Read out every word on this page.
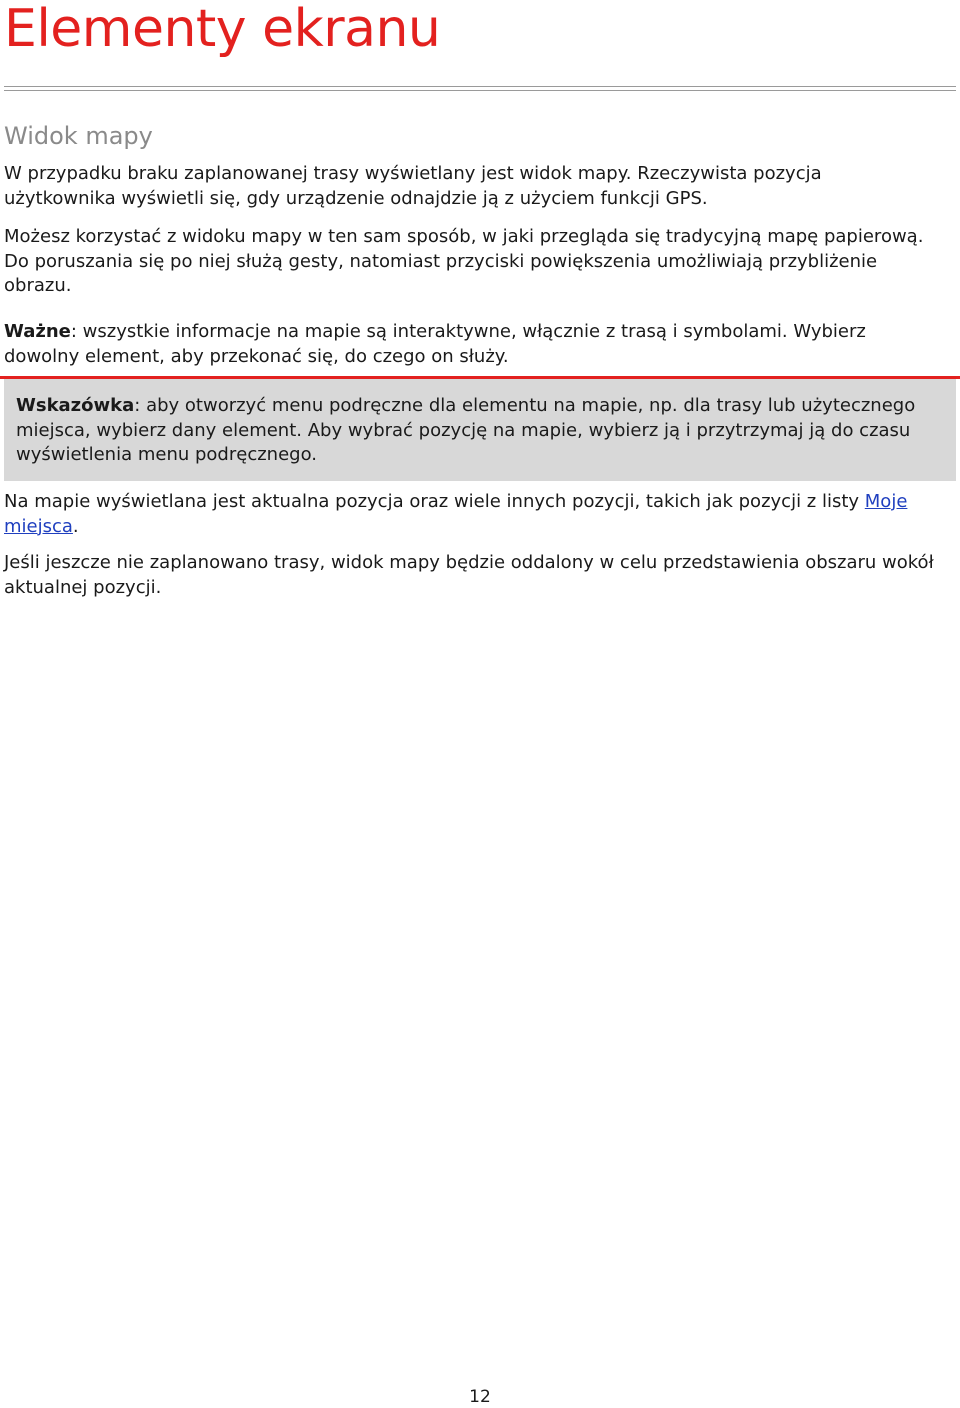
Elementy ekranu
Widok mapy

W przypadku braku zaplanowanej trasy wyświetlany jest widok mapy. Rzeczywista pozycja użytkownika wyświetli się, gdy urządzenie odnajdzie ją z użyciem funkcji GPS.

Możesz korzystać z widoku mapy w ten sam sposób, w jaki przegląda się tradycyjną mapę papierową. Do poruszania się po niej służą gesty, natomiast przyciski powiększenia umożliwiają przybliżenie obrazu.

Ważne: wszystkie informacje na mapie są interaktywne, włącznie z trasą i symbolami. Wybierz dowolny element, aby przekonać się, do czego on służy.

Wskazówka: aby otworzyć menu podręczne dla elementu na mapie, np. dla trasy lub użytecznego miejsca, wybierz dany element. Aby wybrać pozycję na mapie, wybierz ją i przytrzymaj ją do czasu wyświetlenia menu podręcznego.

Na mapie wyświetlana jest aktualna pozycja oraz wiele innych pozycji, takich jak pozycji z listy Moje miejsca.

Jeśli jeszcze nie zaplanowano trasy, widok mapy będzie oddalony w celu przedstawienia obszaru wokół aktualnej pozycji.

12
